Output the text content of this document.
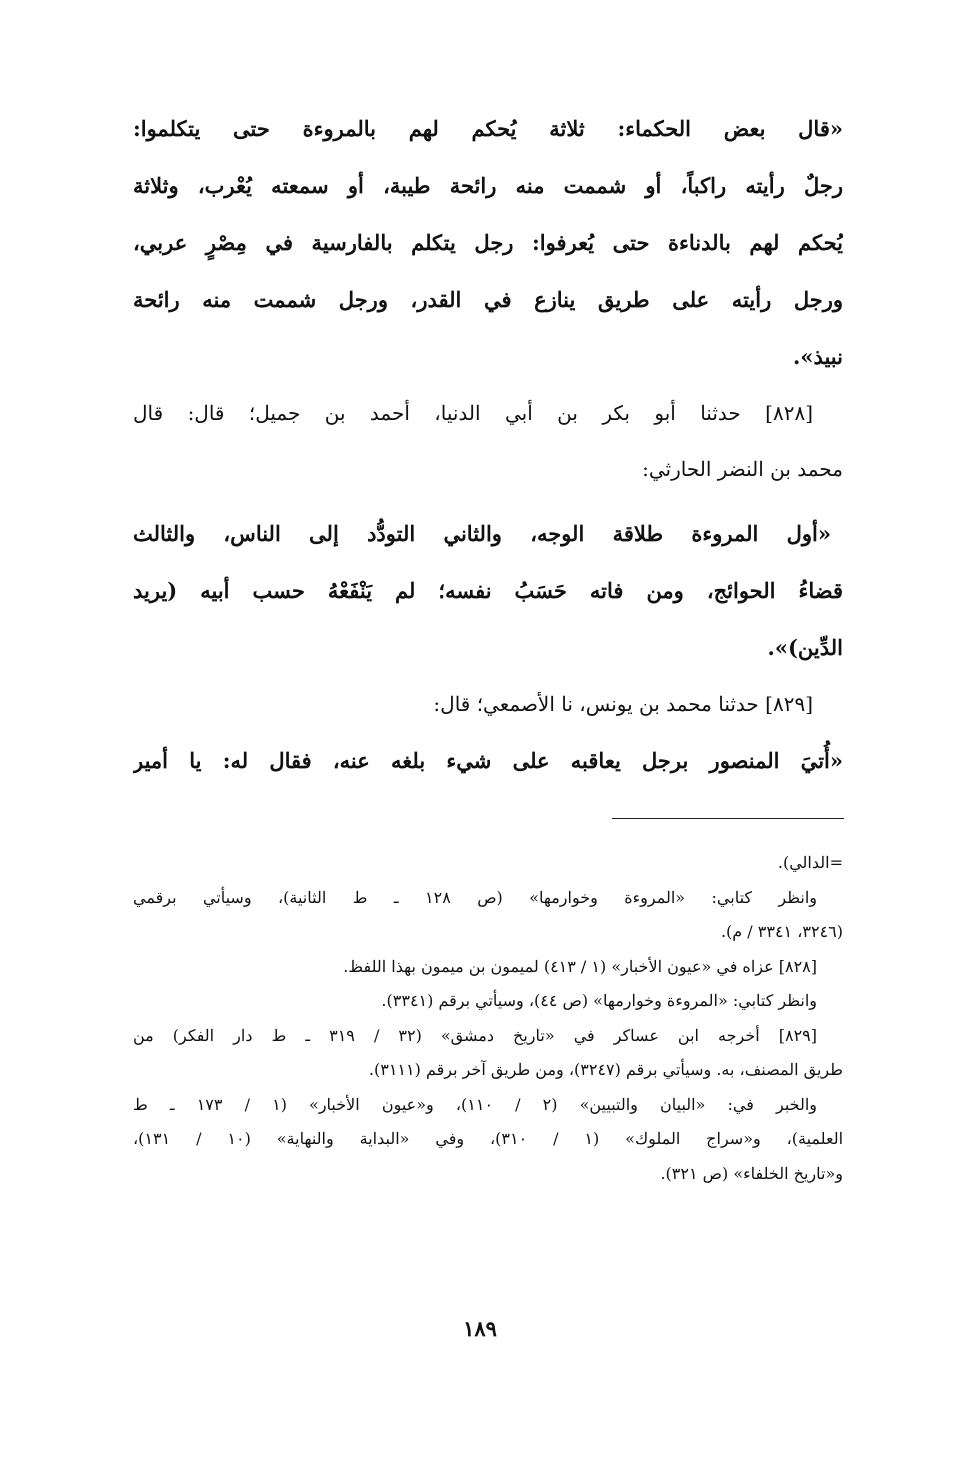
«قال بعض الحكماء: ثلاثة يُحكم لهم بالمروءة حتى يتكلموا:
رجلٌ رأيته راكباً، أو شممت منه رائحة طيبة، أو سمعته يُعْرب، وثلاثة
يُحكم لهم بالدناءة حتى يُعرفوا: رجل يتكلم بالفارسية في مِصْرٍ عربي،
ورجل رأيته على طريق ينازع في القدر، ورجل شممت منه رائحة
نبيذ».
[٨٢٨] حدثنا أبو بكر بن أبي الدنيا، أحمد بن جميل؛ قال: قال
محمد بن النضر الحارثي:
«أول المروءة طلاقة الوجه، والثاني التودُّد إلى الناس، والثالث
قضاءُ الحوائج، ومن فاته حَسَبُ نفسه؛ لم يَنْفَعْهُ حسب أبيه (يريد
الدِّين)».
[٨٢٩] حدثنا محمد بن يونس، نا الأصمعي؛ قال:
«أُتيَ المنصور برجل يعاقبه على شيء بلغه عنه، فقال له: يا أمير
=الدالي).
وانظر كتابي: «المروءة وخوارمها» (ص ١٢٨ ـ ط الثانية)، وسيأتي برقمي
(٣٢٤٦، ٣٣٤١ / م).
[٨٢٨] عزاه في «عيون الأخبار» (١ / ٤١٣) لميمون بن ميمون بهذا اللفظ.
وانظر كتابي: «المروءة وخوارمها» (ص ٤٤)، وسيأتي برقم (٣٣٤١).
[٨٢٩] أخرجه ابن عساكر في «تاريخ دمشق» (٣٢ / ٣١٩ ـ ط دار الفكر) من
طريق المصنف، به. وسيأتي برقم (٣٢٤٧)، ومن طريق آخر برقم (٣١١١).
والخبر في: «البيان والتبيين» (٢ / ١١٠)، و«عيون الأخبار» (١ / ١٧٣ ـ ط
العلمية)، و«سراج الملوك» (١ / ٣١٠)، وفي «البداية والنهاية» (١٠ / ١٣١)،
و«تاريخ الخلفاء» (ص ٣٢١).
١٨٩
